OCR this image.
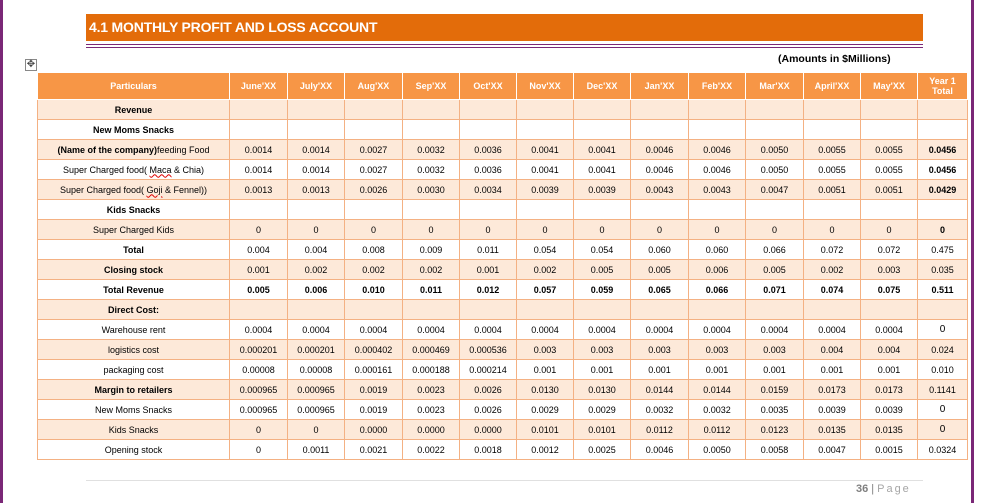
✥
4.1 MONTHLY PROFIT AND LOSS ACCOUNT
(Amounts in $Millions)
Particulars	June'XX	July'XX	Aug'XX	Sep'XX	Oct'XX	Nov'XX	Dec'XX	Jan'XX	Feb'XX	Mar'XX	April'XX	May'XX	Year 1 Total
Revenue													
New Moms Snacks													
(Name of the company)feeding Food	0.0014	0.0014	0.0027	0.0032	0.0036	0.0041	0.0041	0.0046	0.0046	0.0050	0.0055	0.0055	0.0456
Super Charged food( Maca & Chia)	0.0014	0.0014	0.0027	0.0032	0.0036	0.0041	0.0041	0.0046	0.0046	0.0050	0.0055	0.0055	0.0456
Super Charged food( Goji & Fennel))	0.0013	0.0013	0.0026	0.0030	0.0034	0.0039	0.0039	0.0043	0.0043	0.0047	0.0051	0.0051	0.0429
Kids Snacks													
Super Charged Kids	0	0	0	0	0	0	0	0	0	0	0	0	0
Total	0.004	0.004	0.008	0.009	0.011	0.054	0.054	0.060	0.060	0.066	0.072	0.072	0.475
Closing stock	0.001	0.002	0.002	0.002	0.001	0.002	0.005	0.005	0.006	0.005	0.002	0.003	0.035
Total Revenue	0.005	0.006	0.010	0.011	0.012	0.057	0.059	0.065	0.066	0.071	0.074	0.075	0.511
Direct Cost:													
Warehouse rent	0.0004	0.0004	0.0004	0.0004	0.0004	0.0004	0.0004	0.0004	0.0004	0.0004	0.0004	0.0004	0
logistics cost	0.000201	0.000201	0.000402	0.000469	0.000536	0.003	0.003	0.003	0.003	0.003	0.004	0.004	0.024
packaging cost	0.00008	0.00008	0.000161	0.000188	0.000214	0.001	0.001	0.001	0.001	0.001	0.001	0.001	0.010
Margin to retailers	0.000965	0.000965	0.0019	0.0023	0.0026	0.0130	0.0130	0.0144	0.0144	0.0159	0.0173	0.0173	0.1141
New Moms Snacks	0.000965	0.000965	0.0019	0.0023	0.0026	0.0029	0.0029	0.0032	0.0032	0.0035	0.0039	0.0039	0
Kids Snacks	0	0	0.0000	0.0000	0.0000	0.0101	0.0101	0.0112	0.0112	0.0123	0.0135	0.0135	0
Opening stock	0	0.0011	0.0021	0.0022	0.0018	0.0012	0.0025	0.0046	0.0050	0.0058	0.0047	0.0015	0.0324
36 | Page
